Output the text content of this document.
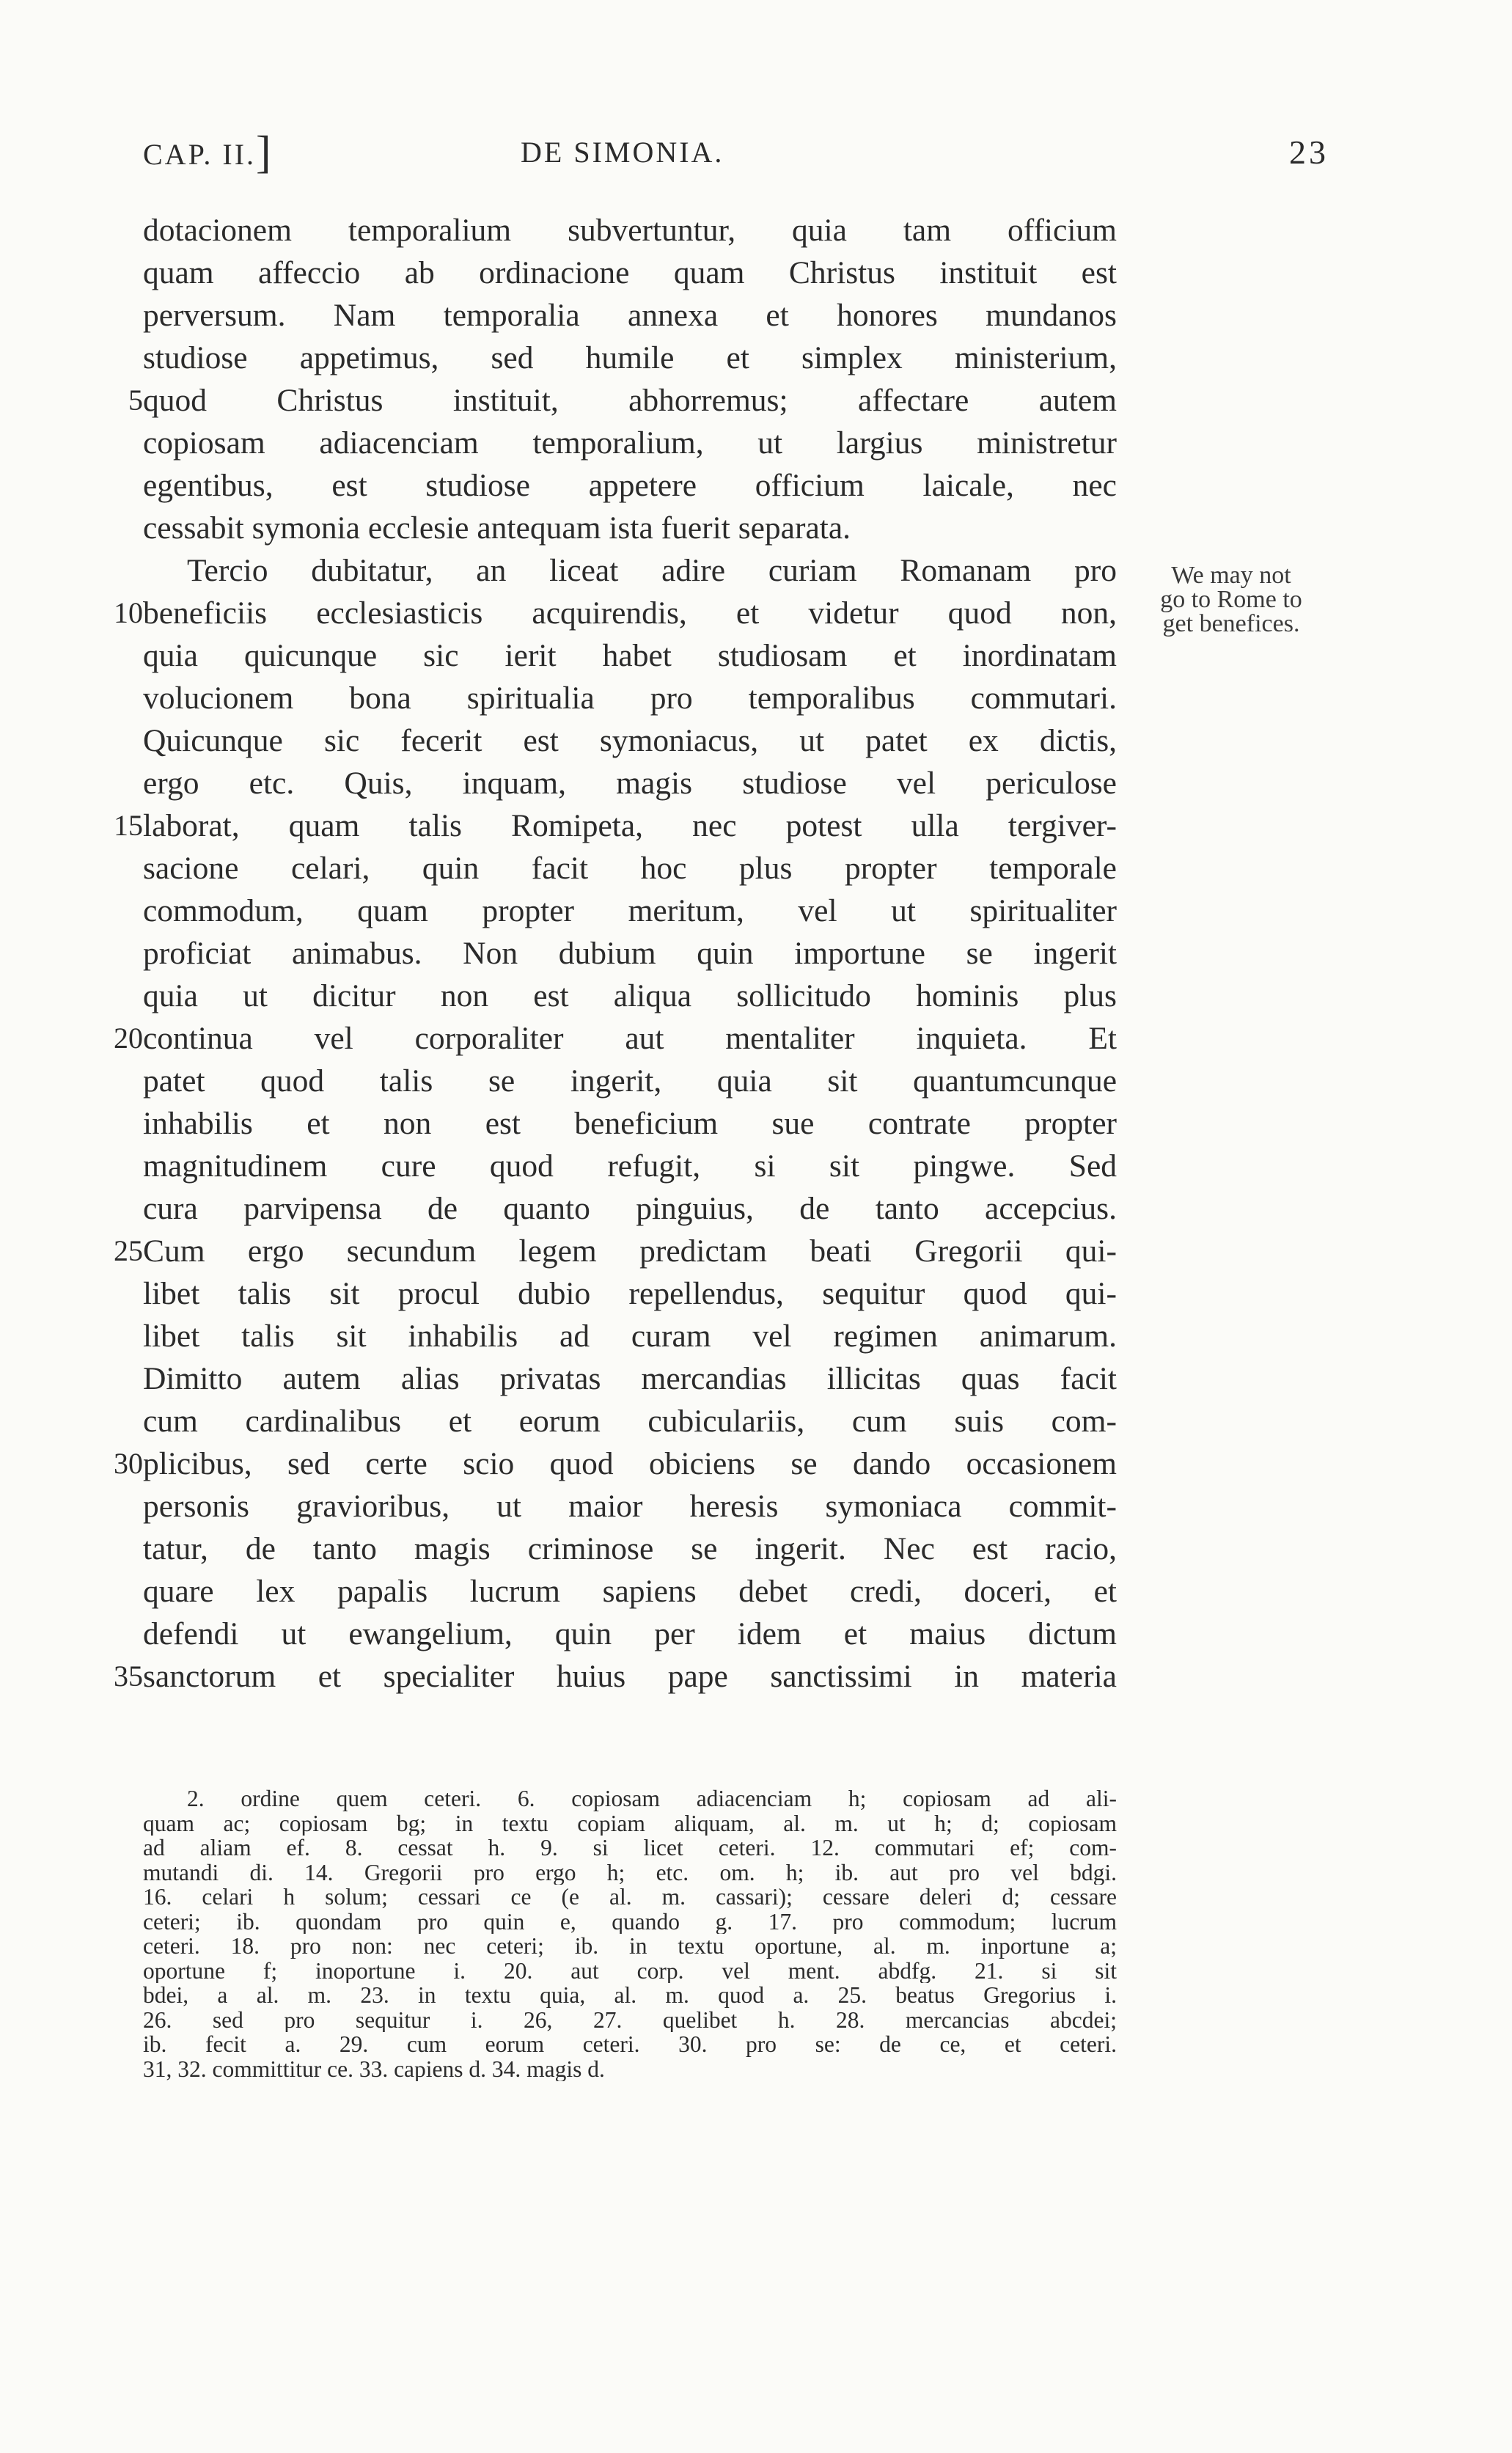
CAP. II.]	DE SIMONIA.	23
dotacionem temporalium subvertuntur, quia tam officium
quam affeccio ab ordinacione quam Christus instituit est
perversum. Nam temporalia annexa et honores mundanos
studiose appetimus, sed humile et simplex ministerium,
5 quod Christus instituit, abhorremus; affectare autem
copiosam adiacenciam temporalium, ut largius ministretur
egentibus, est studiose appetere officium laicale, nec
cessabit symonia ecclesie antequam ista fuerit separata.
Tercio dubitatur, an liceat adire curiam Romanam pro
10 beneficiis ecclesiasticis acquirendis, et videtur quod non,
quia quicunque sic ierit habet studiosam et inordinatam
volucionem bona spiritualia pro temporalibus commutari.
Quicunque sic fecerit est symoniacus, ut patet ex dictis,
ergo etc. Quis, inquam, magis studiose vel periculose
15 laborat, quam talis Romipeta, nec potest ulla tergiver-
sacione celari, quin facit hoc plus propter temporale
commodum, quam propter meritum, vel ut spiritualiter
proficiat animabus. Non dubium quin importune se ingerit
quia ut dicitur non est aliqua sollicitudo hominis plus
20 continua vel corporaliter aut mentaliter inquieta. Et
patet quod talis se ingerit, quia sit quantumcunque
inhabilis et non est beneficium sue contrate propter
magnitudinem cure quod refugit, si sit pingwe. Sed
cura parvipensa de quanto pinguius, de tanto accepcius.
25 Cum ergo secundum legem predictam beati Gregorii qui-
libet talis sit procul dubio repellendus, sequitur quod qui-
libet talis sit inhabilis ad curam vel regimen animarum.
Dimitto autem alias privatas mercandias illicitas quas facit
cum cardinalibus et eorum cubiculariis, cum suis com-
30 plicibus, sed certe scio quod obiciens se dando occasionem
personis gravioribus, ut maior heresis symoniaca commit-
tatur, de tanto magis criminose se ingerit. Nec est racio,
quare lex papalis lucrum sapiens debet credi, doceri, et
defendi ut ewangelium, quin per idem et maius dictum
35 sanctorum et specialiter huius pape sanctissimi in materia
We may not
go to Rome to
get benefices.
2. ordine quem ceteri. 6. copiosam adiacenciam h; copiosam ad ali-
quam ac; copiosam bg; in textu copiam aliquam, al. m. ut h; d; copiosam
ad aliam ef. 8. cessat h. 9. si licet ceteri. 12. commutari ef; com-
mutandi di. 14. Gregorii pro ergo h; etc. om. h; ib. aut pro vel bdgi.
16. celari h solum; cessari ce (e al. m. cassari); cessare deleri d; cessare
ceteri; ib. quondam pro quin e, quando g. 17. pro commodum; lucrum
ceteri. 18. pro non: nec ceteri; ib. in textu oportune, al. m. inportune a;
oportune f; inoportune i. 20. aut corp. vel ment. abdfg. 21. si sit
bdei, a al. m. 23. in textu quia, al. m. quod a. 25. beatus Gregorius i.
26. sed pro sequitur i. 26, 27. quelibet h. 28. mercancias abcdei;
ib. fecit a. 29. cum eorum ceteri. 30. pro se: de ce, et ceteri.
31, 32. committitur ce. 33. capiens d. 34. magis d.
